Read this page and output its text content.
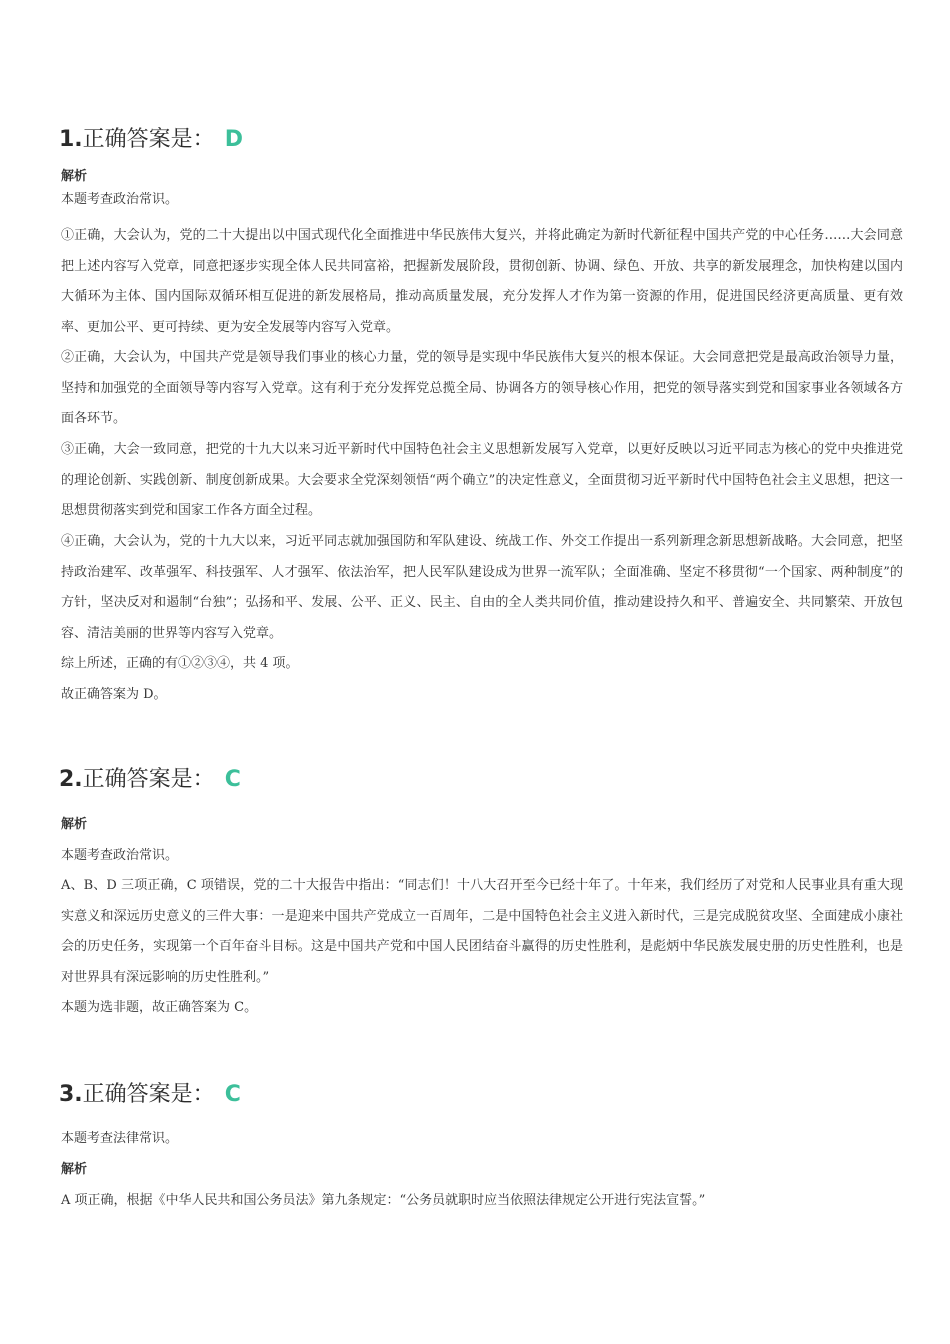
1.正确答案是： D
解析

本题考查政治常识。

①正确，大会认为，党的二十大提出以中国式现代化全面推进中华民族伟大复兴，并将此确定为新时代新征程中国共产党的中心任务……大会同意把上述内容写入党章，同意把逐步实现全体人民共同富裕，把握新发展阶段，贯彻创新、协调、绿色、开放、共享的新发展理念，加快构建以国内大循环为主体、国内国际双循环相互促进的新发展格局，推动高质量发展，充分发挥人才作为第一资源的作用，促进国民经济更高质量、更有效率、更加公平、更可持续、更为安全发展等内容写入党章。

②正确，大会认为，中国共产党是领导我们事业的核心力量，党的领导是实现中华民族伟大复兴的根本保证。大会同意把党是最高政治领导力量，坚持和加强党的全面领导等内容写入党章。这有利于充分发挥党总揽全局、协调各方的领导核心作用，把党的领导落实到党和国家事业各领域各方面各环节。

③正确，大会一致同意，把党的十九大以来习近平新时代中国特色社会主义思想新发展写入党章，以更好反映以习近平同志为核心的党中央推进党的理论创新、实践创新、制度创新成果。大会要求全党深刻领悟“两个确立”的决定性意义，全面贯彻习近平新时代中国特色社会主义思想，把这一思想贯彻落实到党和国家工作各方面全过程。

④正确，大会认为，党的十九大以来，习近平同志就加强国防和军队建设、统战工作、外交工作提出一系列新理念新思想新战略。大会同意，把坚持政治建军、改革强军、科技强军、人才强军、依法治军，把人民军队建设成为世界一流军队；全面准确、坚定不移贯彻“一个国家、两种制度”的方针，坚决反对和遏制“台独”；弘扬和平、发展、公平、正义、民主、自由的全人类共同价值，推动建设持久和平、普遍安全、共同繁荣、开放包容、清洁美丽的世界等内容写入党章。

综上所述，正确的有①②③④，共 4 项。

故正确答案为 D。

2.正确答案是： C
解析

本题考查政治常识。

A、B、D 三项正确，C 项错误，党的二十大报告中指出：“同志们！十八大召开至今已经十年了。十年来，我们经历了对党和人民事业具有重大现实意义和深远历史意义的三件大事：一是迎来中国共产党成立一百周年，二是中国特色社会主义进入新时代，三是完成脱贫攻坚、全面建成小康社会的历史任务，实现第一个百年奋斗目标。这是中国共产党和中国人民团结奋斗赢得的历史性胜利，是彪炳中华民族发展史册的历史性胜利，也是对世界具有深远影响的历史性胜利。”

本题为选非题，故正确答案为 C。

3.正确答案是： C

本题考查法律常识。

解析

A 项正确，根据《中华人民共和国公务员法》第九条规定：“公务员就职时应当依照法律规定公开进行宪法宣誓。”
